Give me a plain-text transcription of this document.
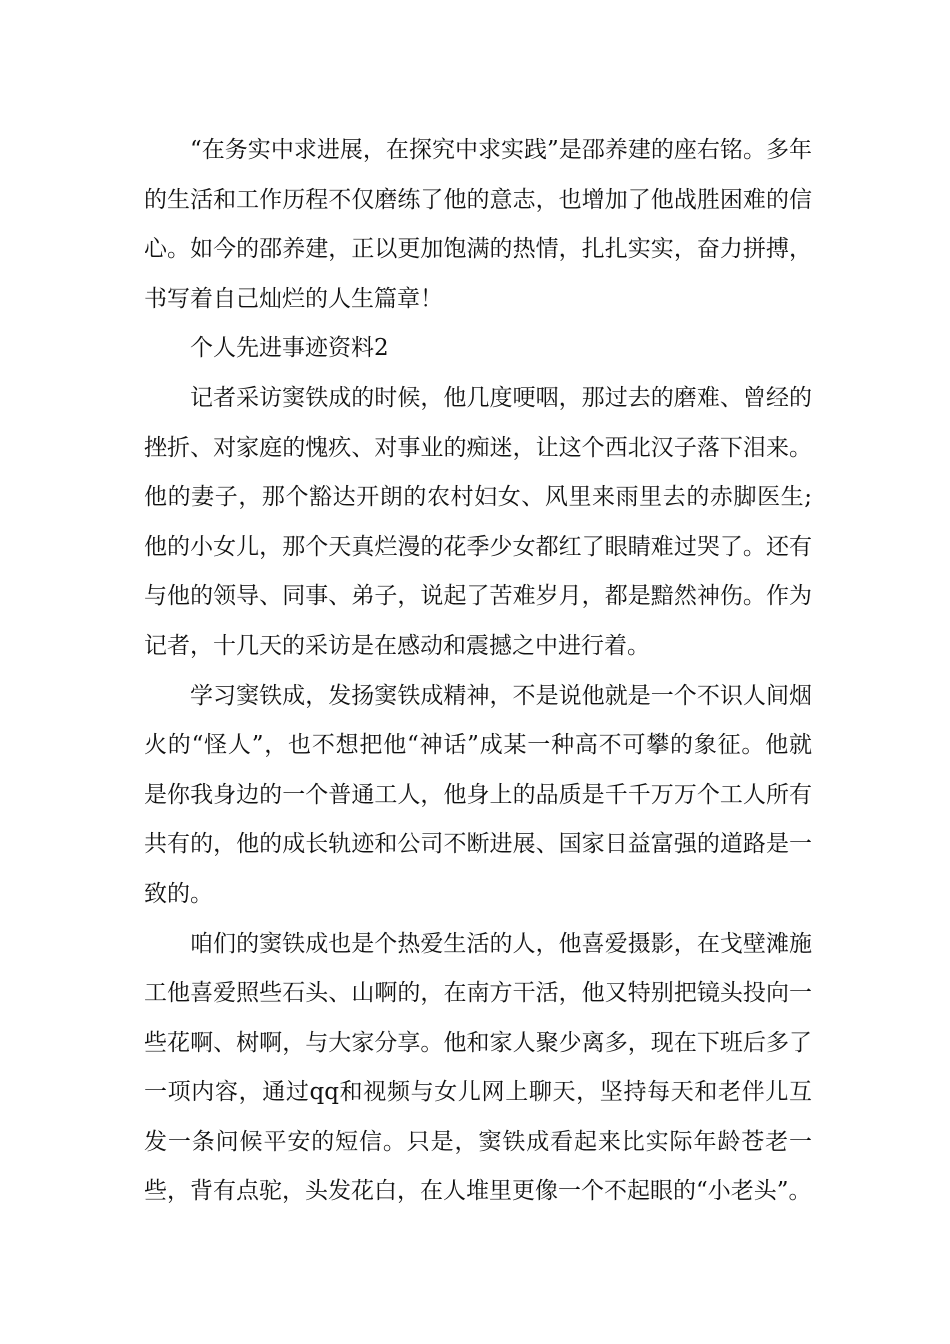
“在务实中求进展，在探究中求实践”是邵养建的座右铭。多年的生活和工作历程不仅磨练了他的意志，也增加了他战胜困难的信心。如今的邵养建，正以更加饱满的热情，扎扎实实，奋力拼搏，书写着自己灿烂的人生篇章！

个人先进事迹资料2

记者采访窦铁成的时候，他几度哽咽，那过去的磨难、曾经的挫折、对家庭的愧疚、对事业的痴迷，让这个西北汉子落下泪来。他的妻子，那个豁达开朗的农村妇女、风里来雨里去的赤脚医生;他的小女儿，那个天真烂漫的花季少女都红了眼睛难过哭了。还有与他的领导、同事、弟子，说起了苦难岁月，都是黯然神伤。作为记者，十几天的采访是在感动和震撼之中进行着。

学习窦铁成，发扬窦铁成精神，不是说他就是一个不识人间烟火的“怪人”，也不想把他“神话”成某一种高不可攀的象征。他就是你我身边的一个普通工人，他身上的品质是千千万万个工人所有共有的，他的成长轨迹和公司不断进展、国家日益富强的道路是一致的。

咱们的窦铁成也是个热爱生活的人，他喜爱摄影，在戈壁滩施工他喜爱照些石头、山啊的，在南方干活，他又特别把镜头投向一些花啊、树啊，与大家分享。他和家人聚少离多，现在下班后多了一项内容，通过qq和视频与女儿网上聊天，坚持每天和老伴儿互发一条问候平安的短信。只是，窦铁成看起来比实际年龄苍老一些，背有点驼，头发花白，在人堆里更像一个不起眼的“小老头”。
